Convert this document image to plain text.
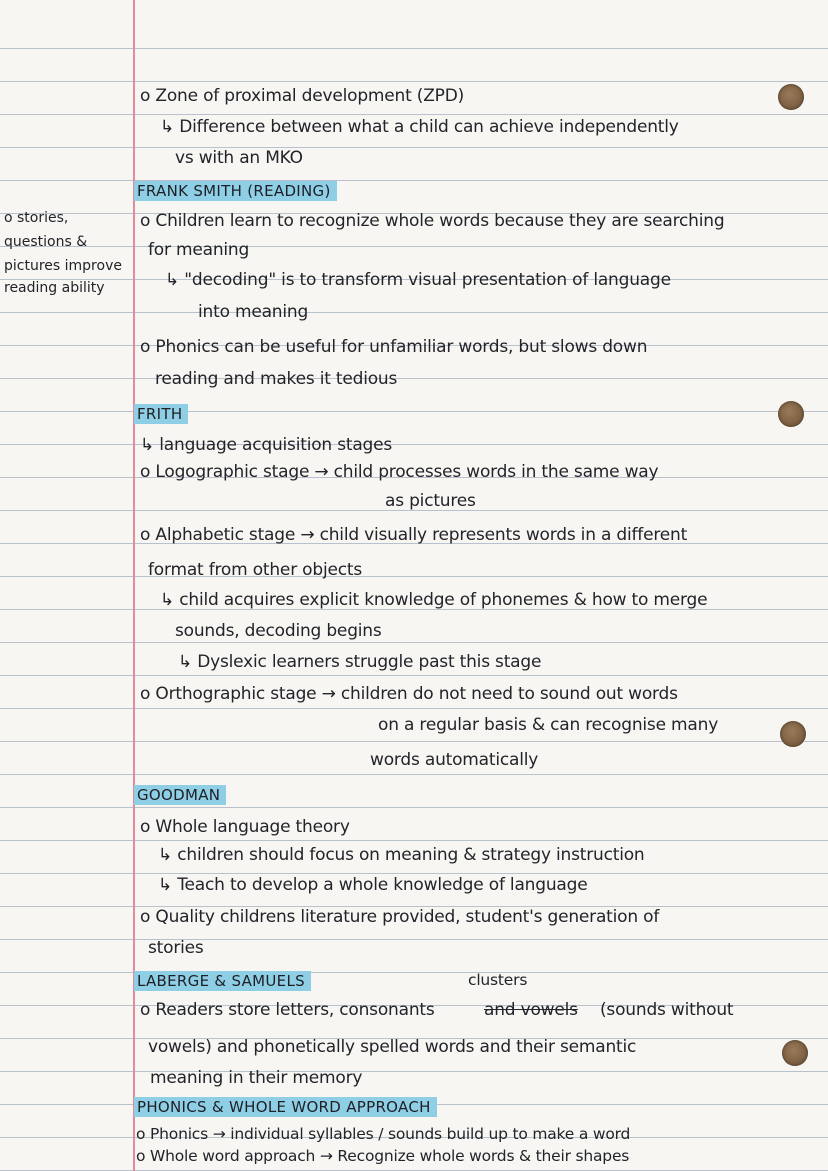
o stories,
questions &
pictures improve
reading ability
o Zone of proximal development (ZPD)
↳ Difference between what a child can achieve independently
vs with an MKO
FRANK SMITH (READING)
o Children learn to recognize whole words because they are searching
for meaning
↳ "decoding" is to transform visual presentation of language
into meaning
o Phonics can be useful for unfamiliar words, but slows down
reading and makes it tedious
FRITH
↳ language acquisition stages
o Logographic stage → child processes words in the same way
as pictures
o Alphabetic stage → child visually represents words in a different
format from other objects
↳ child acquires explicit knowledge of phonemes & how to merge
sounds, decoding begins
↳ Dyslexic learners struggle past this stage
o Orthographic stage → children do not need to sound out words
on a regular basis & can recognise many
words automatically
GOODMAN
o Whole language theory
↳ children should focus on meaning & strategy instruction
↳ Teach to develop a whole knowledge of language
o Quality childrens literature provided, student's generation of
stories
LABERGE & SAMUELS	clusters
o Readers store letters, consonants	and vowels (sounds without
vowels) and phonetically spelled words and their semantic
meaning in their memory
PHONICS & WHOLE WORD APPROACH
o Phonics → individual syllables / sounds build up to make a word
o Whole word approach → Recognize whole words & their shapes
